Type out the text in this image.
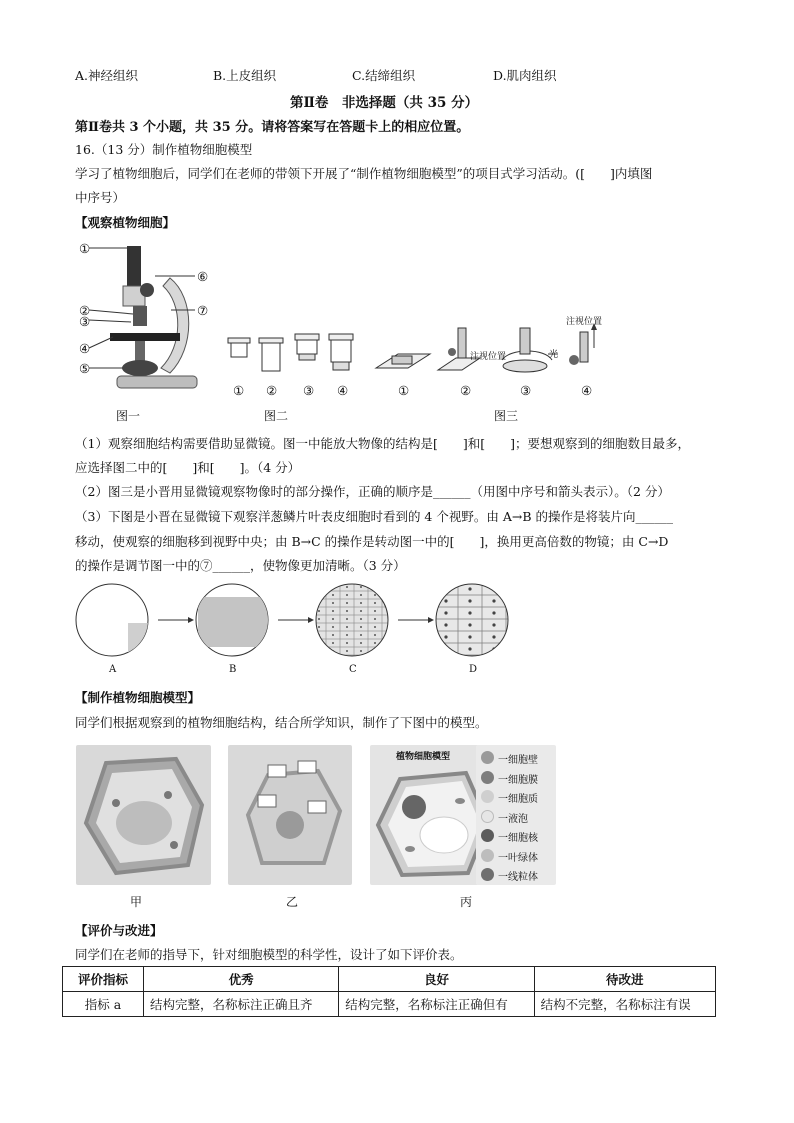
A.神经组织	B.上皮组织	C.结缔组织	D.肌肉组织
第Ⅱ卷　非选择题（共 35 分）
第Ⅱ卷共 3 个小题，共 35 分。请将答案写在答题卡上的相应位置。
16.（13 分）制作植物细胞模型
学习了植物细胞后，同学们在老师的带领下开展了“制作植物细胞模型”的项目式学习活动。([　　]内填图
中序号）
【观察植物细胞】
①
②
③
④
⑤
⑥
⑦
① ② ③ ④
注视位置	光
注视位置
①	②	③	④
图一	图二	图三
（1）观察细胞结构需要借助显微镜。图一中能放大物像的结构是[　　]和[　　]；要想观察到的细胞数目最多，
应选择图二中的[　　]和[　　]。（4 分）
（2）图三是小晋用显微镜观察物像时的部分操作，正确的顺序是______（用图中序号和箭头表示）。（2 分）
（3）下图是小晋在显微镜下观察洋葱鳞片叶表皮细胞时看到的 4 个视野。由 A→B 的操作是将装片向______
移动，使观察的细胞移到视野中央；由 B→C 的操作是转动图一中的[　　]，换用更高倍数的物镜；由 C→D
的操作是调节图一中的⑦______，使物像更加清晰。（3 分）
A	B	C	D
【制作植物细胞模型】
同学们根据观察到的植物细胞结构，结合所学知识，制作了下图中的模型。
植物细胞模型	一细胞壁
一细胞膜
一细胞质
一液泡
一细胞核
一叶绿体
一线粒体
甲	乙	丙
【评价与改进】
同学们在老师的指导下，针对细胞模型的科学性，设计了如下评价表。
评价指标	优秀	良好	待改进
指标 a	结构完整，名称标注正确且齐	结构完整，名称标注正确但有	结构不完整，名称标注有误
